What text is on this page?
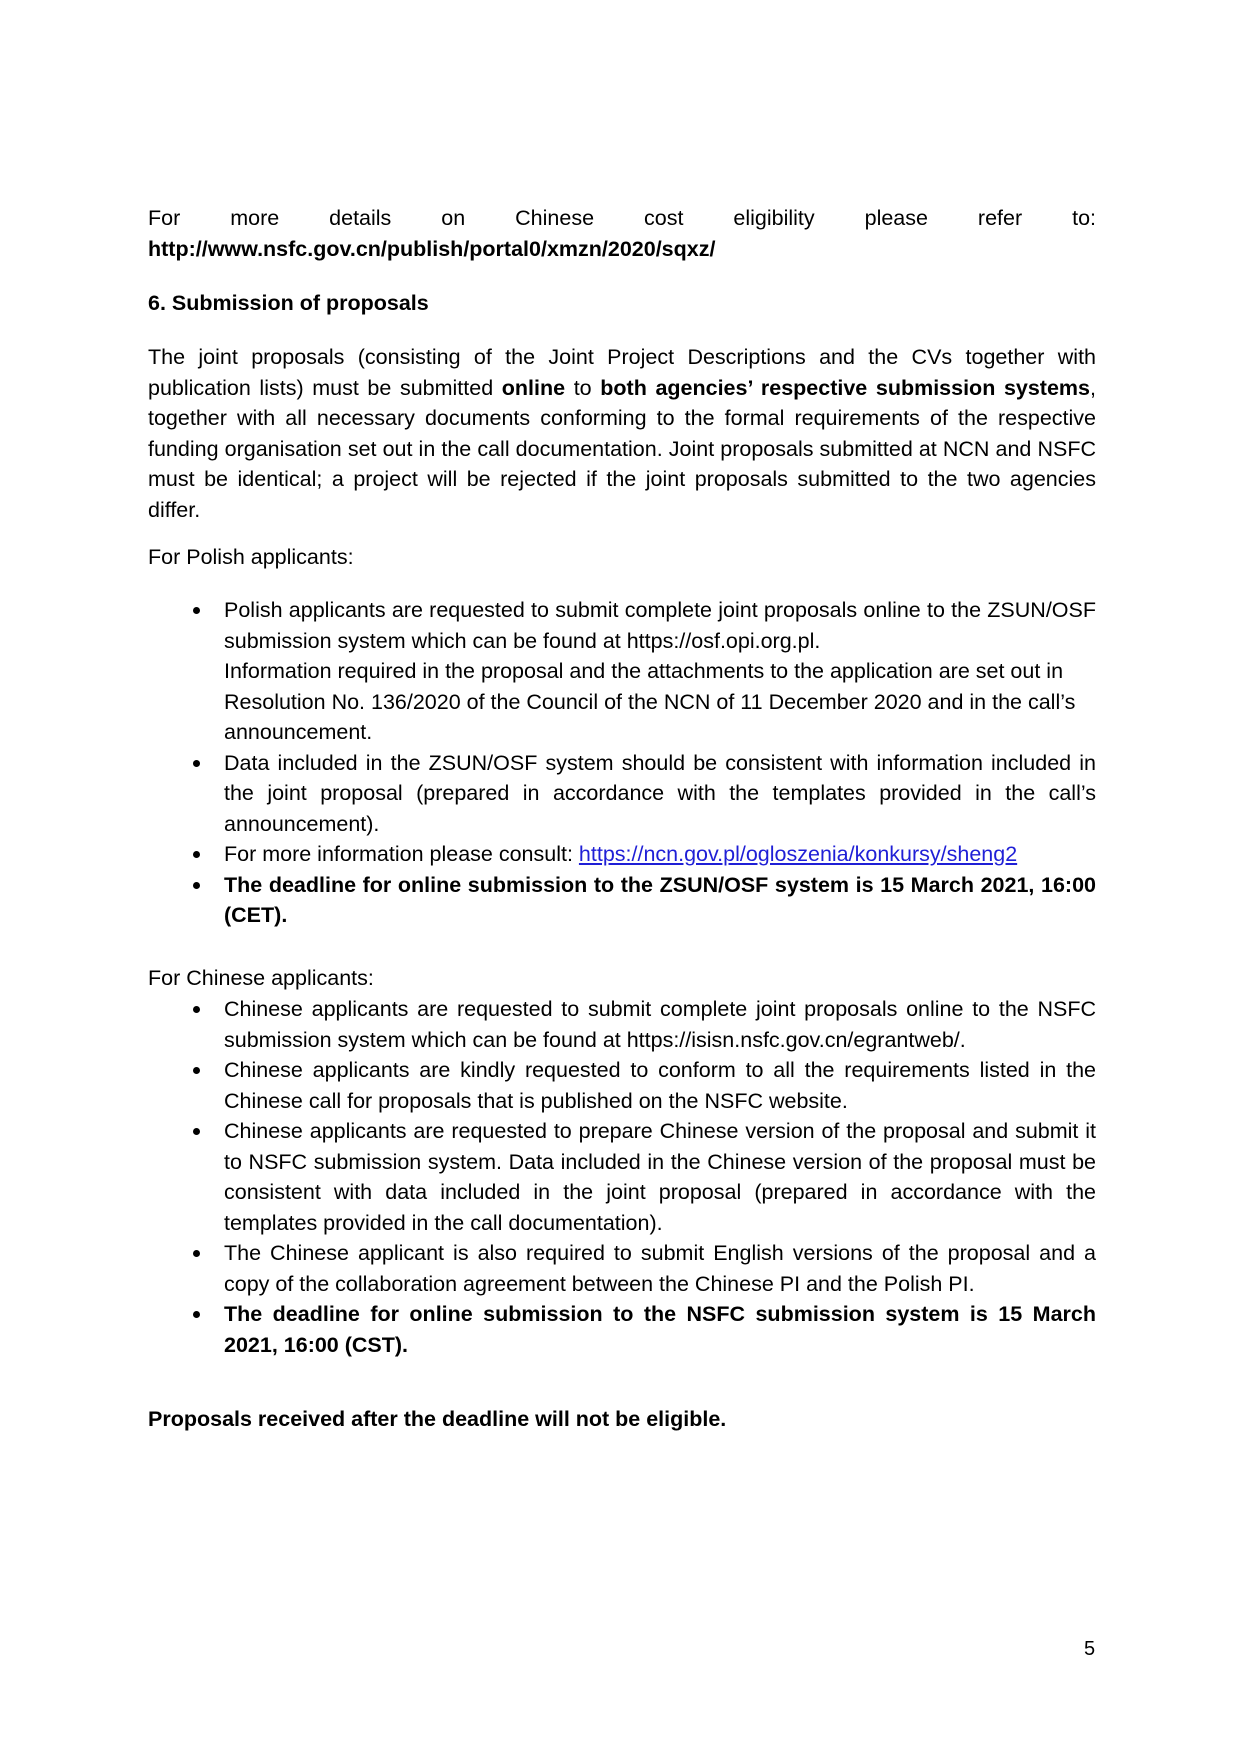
For more details on Chinese cost eligibility please refer to:
http://www.nsfc.gov.cn/publish/portal0/xmzn/2020/sqxz/

6. Submission of proposals

The joint proposals (consisting of the Joint Project Descriptions and the CVs together with publication lists) must be submitted online to both agencies’ respective submission systems, together with all necessary documents conforming to the formal requirements of the respective funding organisation set out in the call documentation. Joint proposals submitted at NCN and NSFC must be identical; a project will be rejected if the joint proposals submitted to the two agencies differ.

For Polish applicants:

Polish applicants are requested to submit complete joint proposals online to the ZSUN/OSF submission system which can be found at https://osf.opi.org.pl.
Information required in the proposal and the attachments to the application are set out in Resolution No. 136/2020 of the Council of the NCN of 11 December 2020 and in the call’s announcement.
Data included in the ZSUN/OSF system should be consistent with information included in the joint proposal (prepared in accordance with the templates provided in the call’s announcement).
For more information please consult: https://ncn.gov.pl/ogloszenia/konkursy/sheng2
The deadline for online submission to the ZSUN/OSF system is 15 March 2021, 16:00 (CET).

For Chinese applicants:

Chinese applicants are requested to submit complete joint proposals online to the NSFC submission system which can be found at https://isisn.nsfc.gov.cn/egrantweb/.
Chinese applicants are kindly requested to conform to all the requirements listed in the Chinese call for proposals that is published on the NSFC website.
Chinese applicants are requested to prepare Chinese version of the proposal and submit it to NSFC submission system. Data included in the Chinese version of the proposal must be consistent with data included in the joint proposal (prepared in accordance with the templates provided in the call documentation).
The Chinese applicant is also required to submit English versions of the proposal and a copy of the collaboration agreement between the Chinese PI and the Polish PI.
The deadline for online submission to the NSFC submission system is 15 March 2021, 16:00 (CST).

Proposals received after the deadline will not be eligible.

5
